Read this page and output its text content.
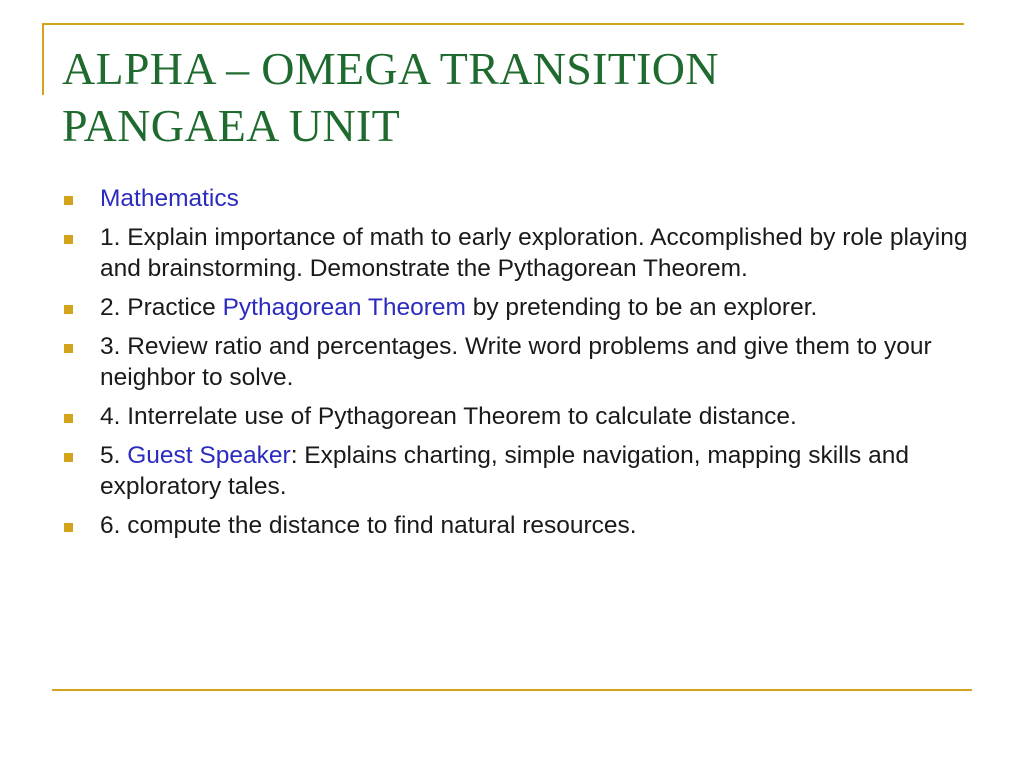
ALPHA – OMEGA TRANSITION
PANGAEA UNIT
Mathematics
1. Explain importance of math to early exploration. Accomplished by role playing and brainstorming. Demonstrate the Pythagorean Theorem.
2. Practice Pythagorean Theorem by pretending to be an explorer.
3. Review ratio and percentages. Write word problems and give them to your neighbor to solve.
4. Interrelate use of Pythagorean Theorem to calculate distance.
5. Guest Speaker: Explains charting, simple navigation, mapping skills and exploratory tales.
6. compute the distance to find natural resources.
